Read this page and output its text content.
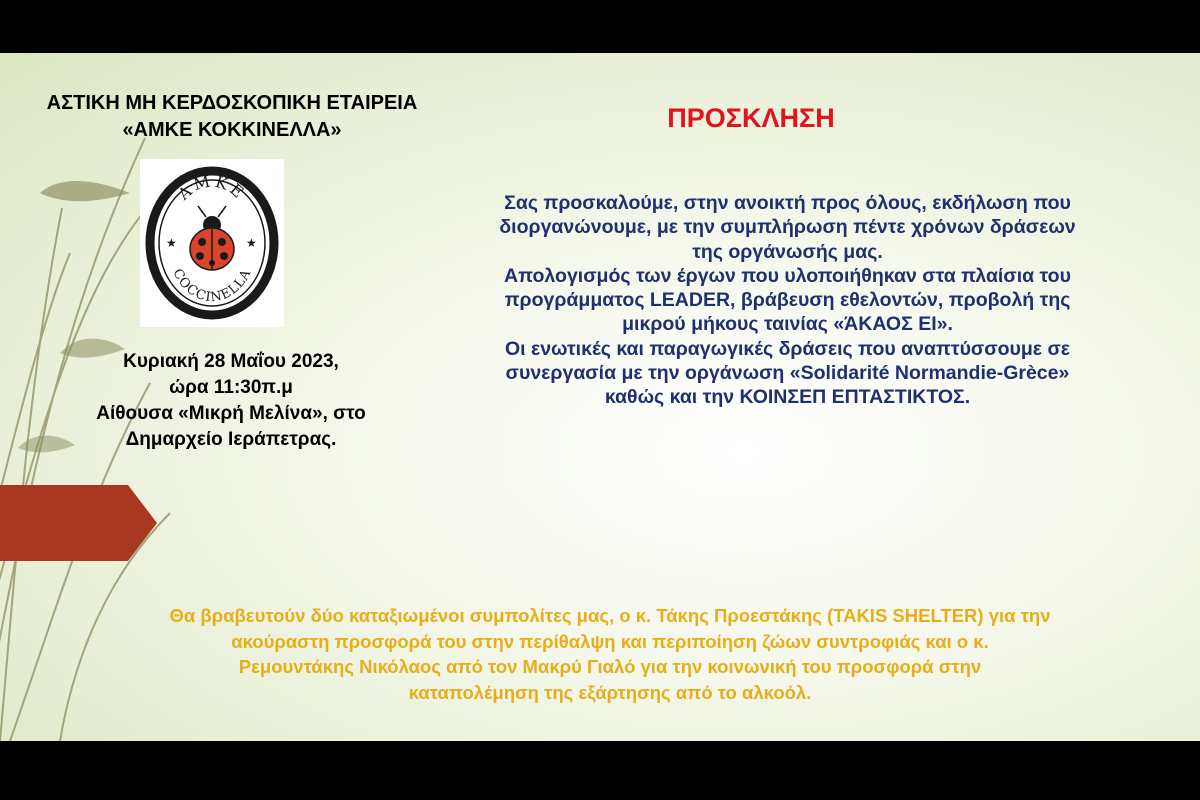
ΑΣΤΙΚΗ ΜΗ ΚΕΡΔΟΣΚΟΠΙΚΗ ΕΤΑΙΡΕΙΑ
«ΑΜΚΕ ΚΟΚΚΙΝΕΛΛΑ»
ΑΜΚΕ
COCCINELLA
★	★
Κυριακή 28 Μαΐου 2023,
ώρα 11:30π.μ
Αίθουσα «Μικρή Μελίνα», στο
Δημαρχείο Ιεράπετρας.
ΠΡΟΣΚΛΗΣΗ
Σας προσκαλούμε, στην ανοικτή προς όλους, εκδήλωση που
διοργανώνουμε, με την συμπλήρωση πέντε χρόνων δράσεων
της οργάνωσής μας.
Απολογισμός των έργων που υλοποιήθηκαν στα πλαίσια του
προγράμματος LEADER, βράβευση εθελοντών, προβολή της
μικρού μήκους ταινίας «ΆΚΑΟΣ ΕΙ».
Οι ενωτικές και παραγωγικές δράσεις που αναπτύσσουμε σε
συνεργασία με την οργάνωση «Solidarité Normandie-Grèce»
καθώς και την ΚΟΙΝΣΕΠ ΕΠΤΑΣΤΙΚΤΟΣ.
Θα βραβευτούν δύο καταξιωμένοι συμπολίτες μας, ο κ. Τάκης Προεστάκης (TAKIS SHELTER) για την
ακούραστη προσφορά του στην περίθαλψη και περιποίηση ζώων συντροφιάς και ο κ.
Ρεμουντάκης Νικόλαος από τον Μακρύ Γιαλό για την κοινωνική του προσφορά στην
καταπολέμηση της εξάρτησης από το αλκοόλ.
